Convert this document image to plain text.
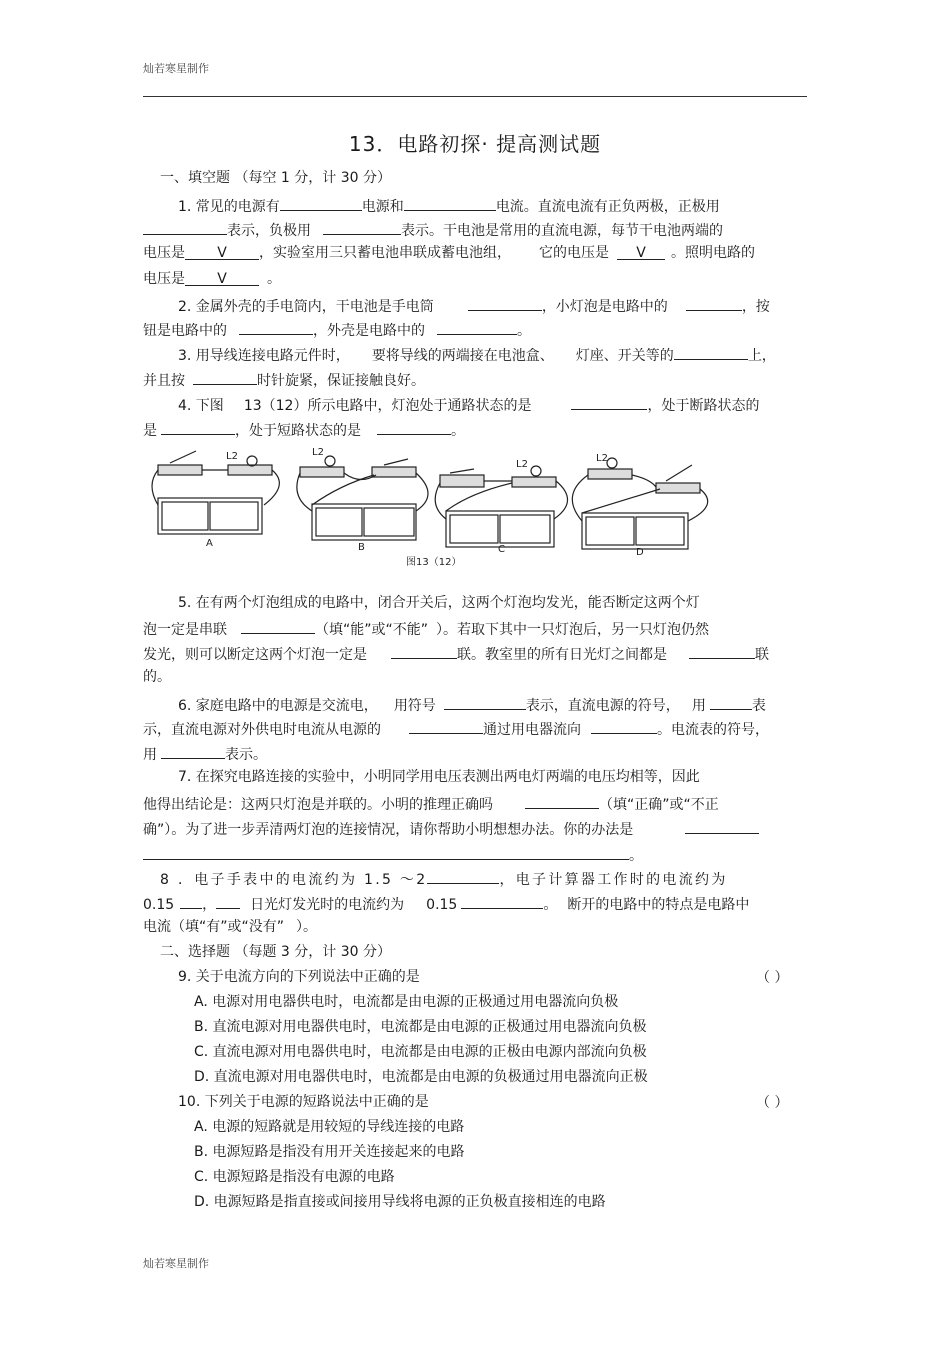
灿若寒星制作
灿若寒星制作
13．电路初探· 提高测试题
一、填空题 （每空 1 分，计 30 分）
1. 常见的电源有	电源和	电流。直流电流有正负两极，正极用
表示，负极用	表示。干电池是常用的直流电源，每节干电池两端的
电压是 V ，实验室用三只蓄电池串联成蓄电池组， 它的电压是 V 。照明电路的
电压是 V	。
2. 金属外壳的手电筒内，干电池是手电筒	，小灯泡是电路中的	，按
钮是电路中的	，外壳是电路中的	。
3. 用导线连接电路元件时， 要将导线的两端接在电池盒、 灯座、开关等的	上，
并且按	时针旋紧，保证接触良好。
4. 下图 13（12）所示电路中，灯泡处于通路状态的是	，处于断路状态的
是	，处于短路状态的是	。
L2	L2
L2
L2
A	B	C	D
图13（12）
5. 在有两个灯泡组成的电路中，闭合开关后，这两个灯泡均发光，能否断定这两个灯
泡一定是串联	（填“能”或“不能” ）。若取下其中一只灯泡后，另一只灯泡仍然
发光，则可以断定这两个灯泡一定是	联。教室里的所有日光灯之间都是	联
的。
6. 家庭电路中的电源是交流电， 用符号	表示，直流电源的符号， 用	表
示，直流电源对外供电时电流从电源的	通过用电器流向	。电流表的符号，
用	表示。
7. 在探究电路连接的实验中，小明同学用电压表测出两电灯两端的电压均相等，因此
他得出结论是：这两只灯泡是并联的。小明的推理正确吗	（填“正确”或“不正
确”）。为了进一步弄清两灯泡的连接情况，请你帮助小明想想办法。你的办法是
。
8 ．电子手表中的电流约为 1.5 ～2	，电子计算器工作时的电流约为
0.15 ， 日光灯发光时的电流约为 0.15	。 断开的电路中的特点是电路中
电流（填“有”或“没有” ）。
二、选择题 （每题 3 分，计 30 分）
9. 关于电流方向的下列说法中正确的是	（ ）
A. 电源对用电器供电时，电流都是由电源的正极通过用电器流向负极
B. 直流电源对用电器供电时，电流都是由电源的正极通过用电器流向负极
C. 直流电源对用电器供电时，电流都是由电源的正极由电源内部流向负极
D. 直流电源对用电器供电时，电流都是由电源的负极通过用电器流向正极
10. 下列关于电源的短路说法中正确的是	（ ）
A. 电源的短路就是用较短的导线连接的电路
B. 电源短路是指没有用开关连接起来的电路
C. 电源短路是指没有电源的电路
D. 电源短路是指直接或间接用导线将电源的正负极直接相连的电路
